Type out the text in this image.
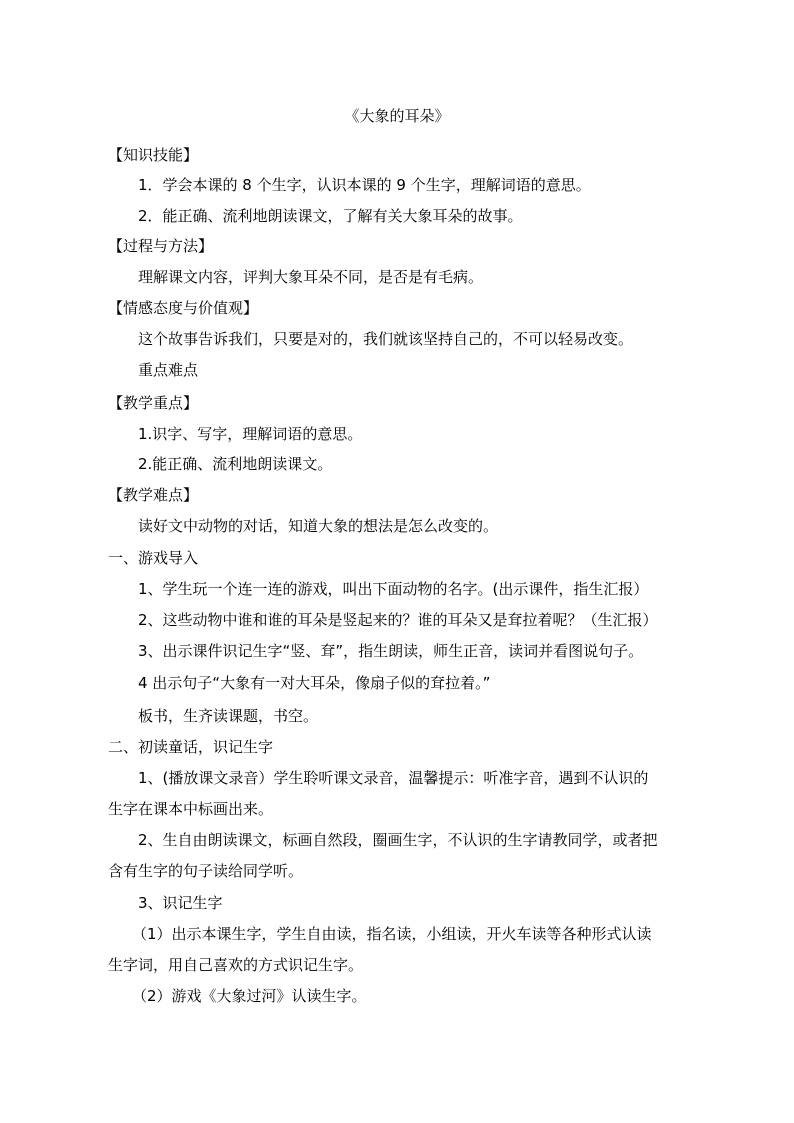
《大象的耳朵》
【知识技能】
1．学会本课的 8 个生字，认识本课的 9 个生字，理解词语的意思。
2．能正确、流利地朗读课文，了解有关大象耳朵的故事。
【过程与方法】
理解课文内容，评判大象耳朵不同，是否是有毛病。
【情感态度与价值观】
这个故事告诉我们，只要是对的，我们就该坚持自己的，不可以轻易改变。
重点难点
【教学重点】
1.识字、写字，理解词语的意思。
2.能正确、流利地朗读课文。
【教学难点】
读好文中动物的对话，知道大象的想法是怎么改变的。
一、游戏导入
1、学生玩一个连一连的游戏，叫出下面动物的名字。(出示课件，指生汇报）
2、这些动物中谁和谁的耳朵是竖起来的？谁的耳朵又是耷拉着呢？（生汇报）
3、出示课件识记生字“竖、耷”，指生朗读，师生正音，读词并看图说句子。
4 出示句子“大象有一对大耳朵，像扇子似的耷拉着。”
板书，生齐读课题，书空。
二、初读童话，识记生字
1、(播放课文录音）学生聆听课文录音，温馨提示：听准字音，遇到不认识的
生字在课本中标画出来。
2、生自由朗读课文，标画自然段，圈画生字，不认识的生字请教同学，或者把
含有生字的句子读给同学听。
3、识记生字
（1）出示本课生字，学生自由读，指名读，小组读，开火车读等各种形式认读
生字词，用自己喜欢的方式识记生字。
（2）游戏《大象过河》认读生字。
